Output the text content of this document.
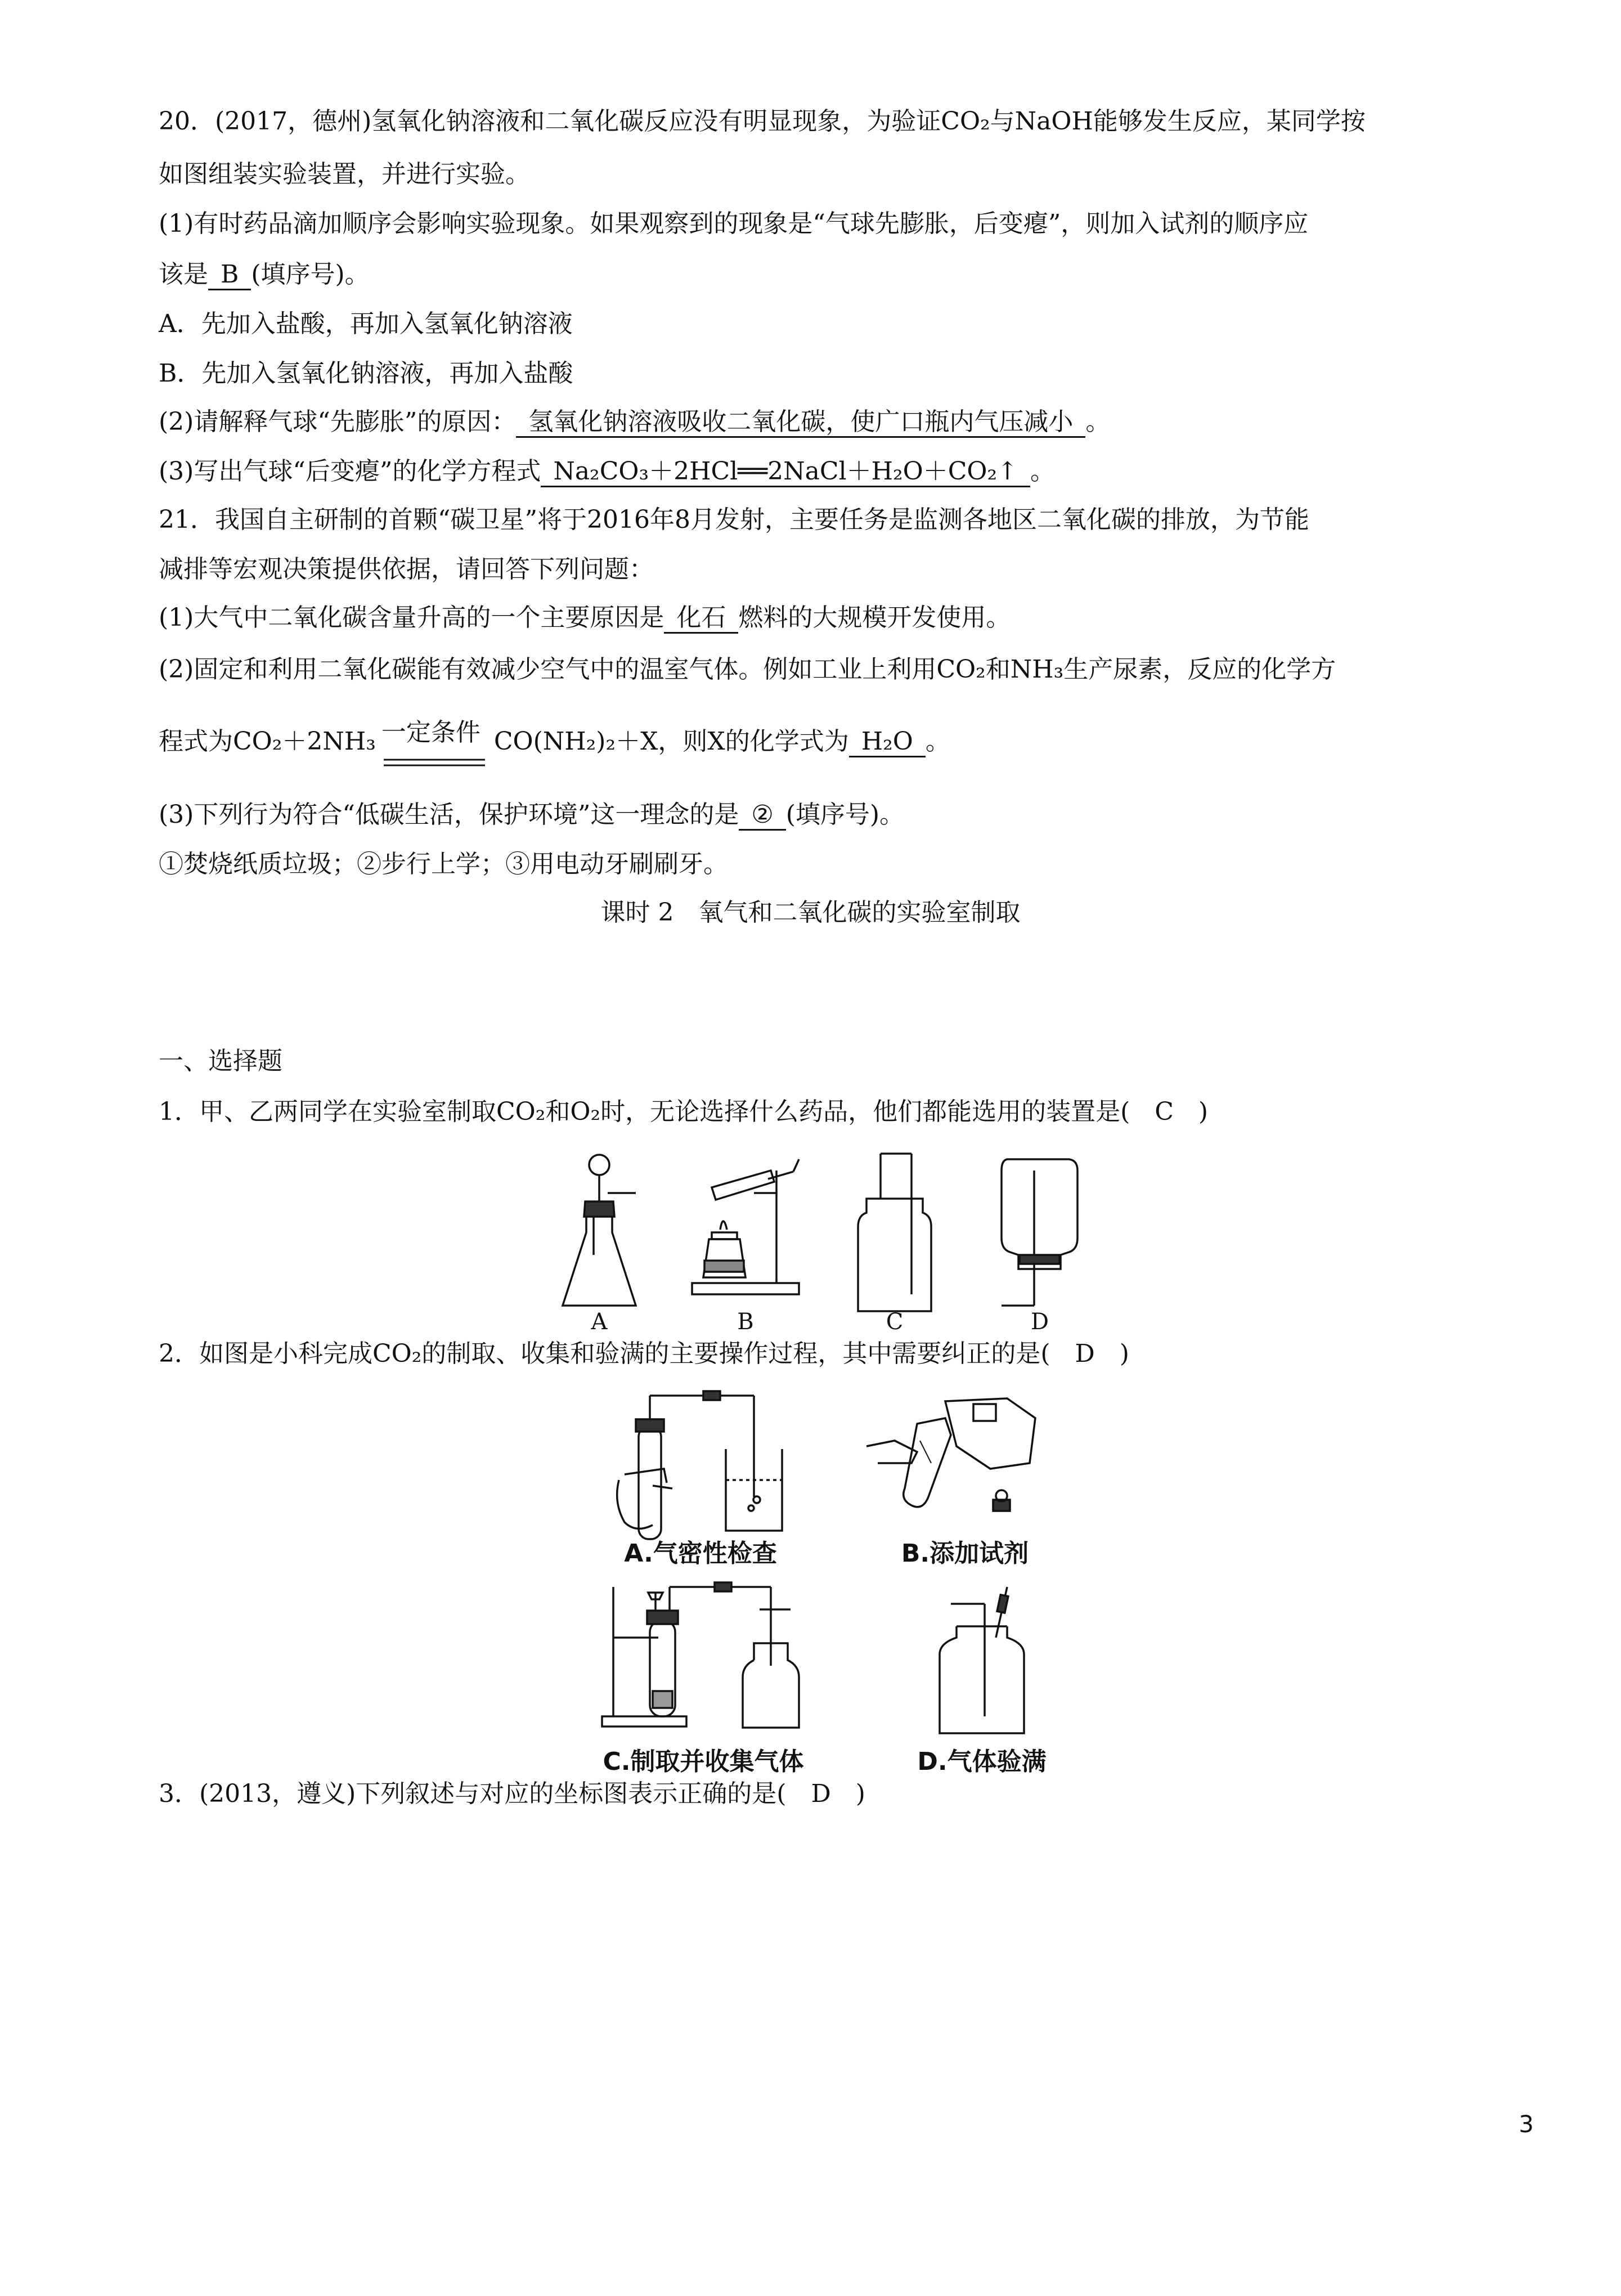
20．(2017，德州)氢氧化钠溶液和二氧化碳反应没有明显现象，为验证CO₂与NaOH能够发生反应，某同学按
如图组装实验装置，并进行实验。
(1)有时药品滴加顺序会影响实验现象。如果观察到的现象是“气球先膨胀，后变瘪”，则加入试剂的顺序应
该是 B (填序号)。
A．先加入盐酸，再加入氢氧化钠溶液
B．先加入氢氧化钠溶液，再加入盐酸
(2)请解释气球“先膨胀”的原因： 氢氧化钠溶液吸收二氧化碳，使广口瓶内气压减小 。
(3)写出气球“后变瘪”的化学方程式 Na₂CO₃＋2HCl══2NaCl＋H₂O＋CO₂↑ 。
21．我国自主研制的首颗“碳卫星”将于2016年8月发射，主要任务是监测各地区二氧化碳的排放，为节能
减排等宏观决策提供依据，请回答下列问题：
(1)大气中二氧化碳含量升高的一个主要原因是 化石 燃料的大规模开发使用。
(2)固定和利用二氧化碳能有效减少空气中的温室气体。例如工业上利用CO₂和NH₃生产尿素，反应的化学方
程式为CO₂＋2NH₃ 一定条件 CO(NH₂)₂＋X，则X的化学式为 H₂O 。
(3)下列行为符合“低碳生活，保护环境”这一理念的是 ② (填序号)。
①焚烧纸质垃圾；②步行上学；③用电动牙刷刷牙。
课时 2　氧气和二氧化碳的实验室制取
一、选择题
1．甲、乙两同学在实验室制取CO₂和O₂时，无论选择什么药品，他们都能选用的装置是(　C　)
A	B	C	D
2．如图是小科完成CO₂的制取、收集和验满的主要操作过程，其中需要纠正的是(　D　)
A.气密性检查	B.添加试剂
C.制取并收集气体	D.气体验满
3．(2013，遵义)下列叙述与对应的坐标图表示正确的是(　D　)
3
